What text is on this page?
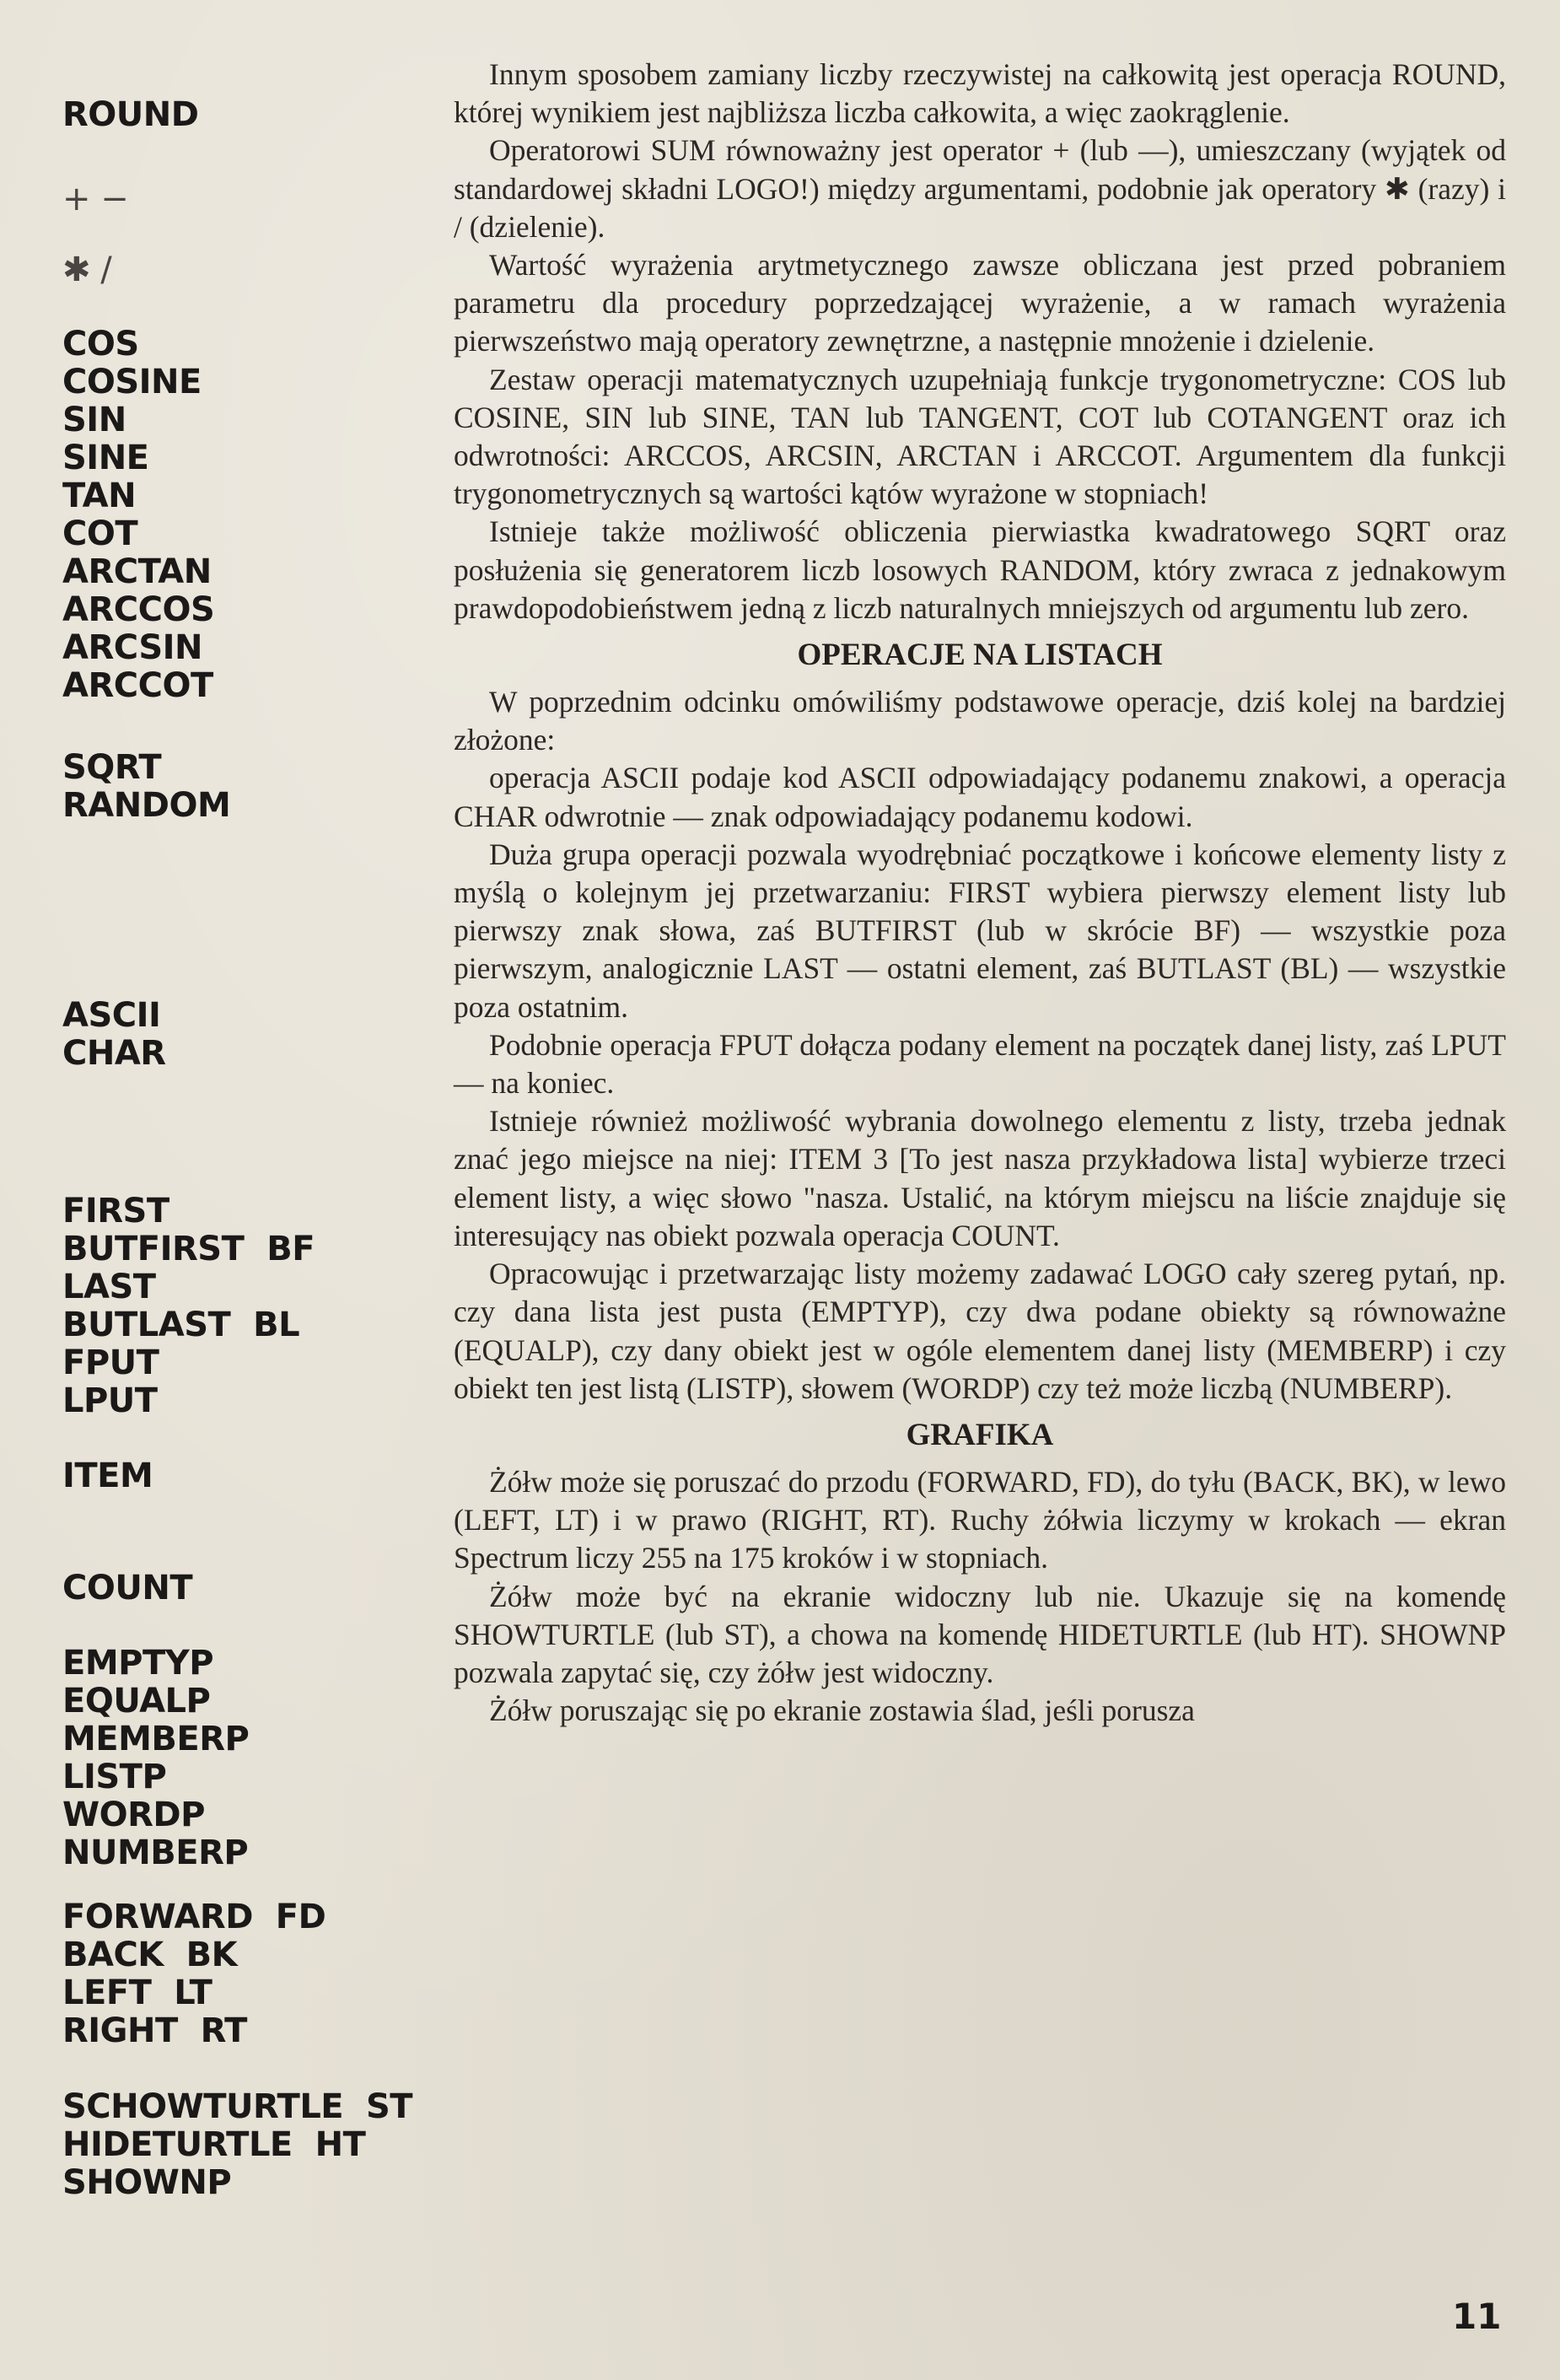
ROUND
+ −
✱ /
COS
COSINE
SIN
SINE
TAN
COT
ARCTAN
ARCCOS
ARCSIN
ARCCOT
SQRT
RANDOM
ASCII
CHAR
FIRST
BUTFIRST  BF
LAST
BUTLAST  BL
FPUT
LPUT
ITEM
COUNT
EMPTYP
EQUALP
MEMBERP
LISTP
WORDP
NUMBERP
FORWARD  FD
BACK  BK
LEFT  LT
RIGHT  RT
SCHOWTURTLE  ST
HIDETURTLE  HT
SHOWNP

Innym sposobem zamiany liczby rzeczywistej na całkowitą jest operacja ROUND, której wynikiem jest najbliższa liczba całkowita, a więc zaokrąglenie.

Operatorowi SUM równoważny jest operator + (lub —), umieszczany (wyjątek od standardowej składni LOGO!) między argumentami, podobnie jak operatory ✱ (razy) i / (dzielenie).

Wartość wyrażenia arytmetycznego zawsze obliczana jest przed pobraniem parametru dla procedury poprzedzającej wyrażenie, a w ramach wyrażenia pierwszeństwo mają operatory zewnętrzne, a następnie mnożenie i dzielenie.

Zestaw operacji matematycznych uzupełniają funkcje trygonometryczne: COS lub COSINE, SIN lub SINE, TAN lub TANGENT, COT lub COTANGENT oraz ich odwrotności: ARCCOS, ARCSIN, ARCTAN i ARCCOT. Argumentem dla funkcji trygonometrycznych są wartości kątów wyrażone w stopniach!

Istnieje także możliwość obliczenia pierwiastka kwadratowego SQRT oraz posłużenia się generatorem liczb losowych RANDOM, który zwraca z jednakowym prawdopodobieństwem jedną z liczb naturalnych mniejszych od argumentu lub zero.

OPERACJE NA LISTACH

W poprzednim odcinku omówiliśmy podstawowe operacje, dziś kolej na bardziej złożone:

operacja ASCII podaje kod ASCII odpowiadający podanemu znakowi, a operacja CHAR odwrotnie — znak odpowiadający podanemu kodowi.

Duża grupa operacji pozwala wyodrębniać początkowe i końcowe elementy listy z myślą o kolejnym jej przetwarzaniu: FIRST wybiera pierwszy element listy lub pierwszy znak słowa, zaś BUTFIRST (lub w skrócie BF) — wszystkie poza pierwszym, analogicznie LAST — ostatni element, zaś BUTLAST (BL) — wszystkie poza ostatnim.

Podobnie operacja FPUT dołącza podany element na początek danej listy, zaś LPUT — na koniec.

Istnieje również możliwość wybrania dowolnego elementu z listy, trzeba jednak znać jego miejsce na niej: ITEM 3 [To jest nasza przykładowa lista] wybierze trzeci element listy, a więc słowo "nasza. Ustalić, na którym miejscu na liście znajduje się interesujący nas obiekt pozwala operacja COUNT.

Opracowując i przetwarzając listy możemy zadawać LOGO cały szereg pytań, np. czy dana lista jest pusta (EMPTYP), czy dwa podane obiekty są równoważne (EQUALP), czy dany obiekt jest w ogóle elementem danej listy (MEMBERP) i czy obiekt ten jest listą (LISTP), słowem (WORDP) czy też może liczbą (NUMBERP).

GRAFIKA

Żółw może się poruszać do przodu (FORWARD, FD), do tyłu (BACK, BK), w lewo (LEFT, LT) i w prawo (RIGHT, RT). Ruchy żółwia liczymy w krokach — ekran Spectrum liczy 255 na 175 kroków i w stopniach.

Żółw może być na ekranie widoczny lub nie. Ukazuje się na komendę SHOWTURTLE (lub ST), a chowa na komendę HIDETURTLE (lub HT). SHOWNP pozwala zapytać się, czy żółw jest widoczny.

Żółw poruszając się po ekranie zostawia ślad, jeśli porusza

11
